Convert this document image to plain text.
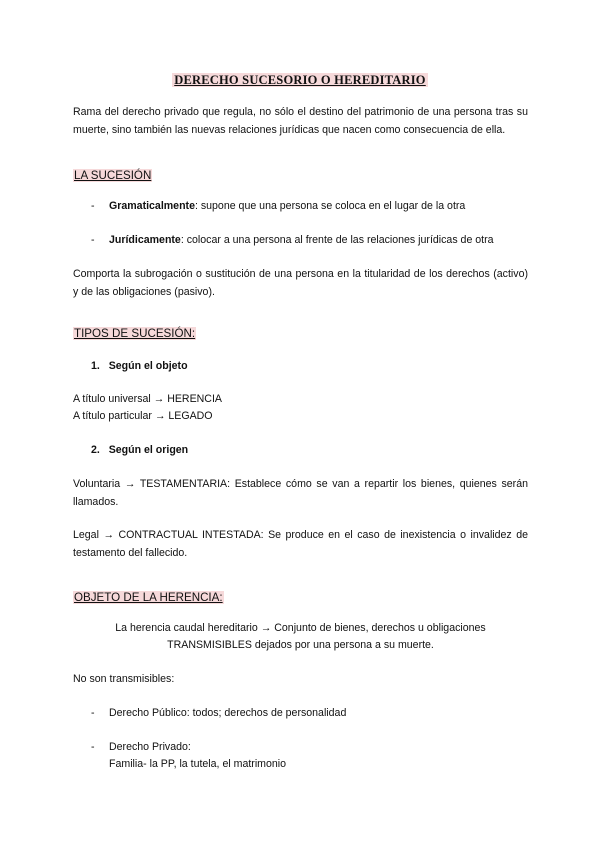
DERECHO SUCESORIO O HEREDITARIO
Rama del derecho privado que regula, no sólo el destino del patrimonio de una persona tras su muerte, sino también las nuevas relaciones jurídicas que nacen como consecuencia de ella.
LA SUCESIÓN
- Gramaticalmente: supone que una persona se coloca en el lugar de la otra
- Jurídicamente: colocar a una persona al frente de las relaciones jurídicas de otra
Comporta la subrogación o sustitución de una persona en la titularidad de los derechos (activo) y de las obligaciones (pasivo).
TIPOS DE SUCESIÓN:
1. Según el objeto
A título universal → HERENCIA
A título particular → LEGADO
2. Según el origen
Voluntaria → TESTAMENTARIA: Establece cómo se van a repartir los bienes, quienes serán llamados.
Legal → CONTRACTUAL INTESTADA: Se produce en el caso de inexistencia o invalidez de testamento del fallecido.
OBJETO DE LA HERENCIA:
La herencia caudal hereditario → Conjunto de bienes, derechos u obligaciones
TRANSMISIBLES dejados por una persona a su muerte.
No son transmisibles:
- Derecho Público: todos; derechos de personalidad
- Derecho Privado:
Familia- la PP, la tutela, el matrimonio
